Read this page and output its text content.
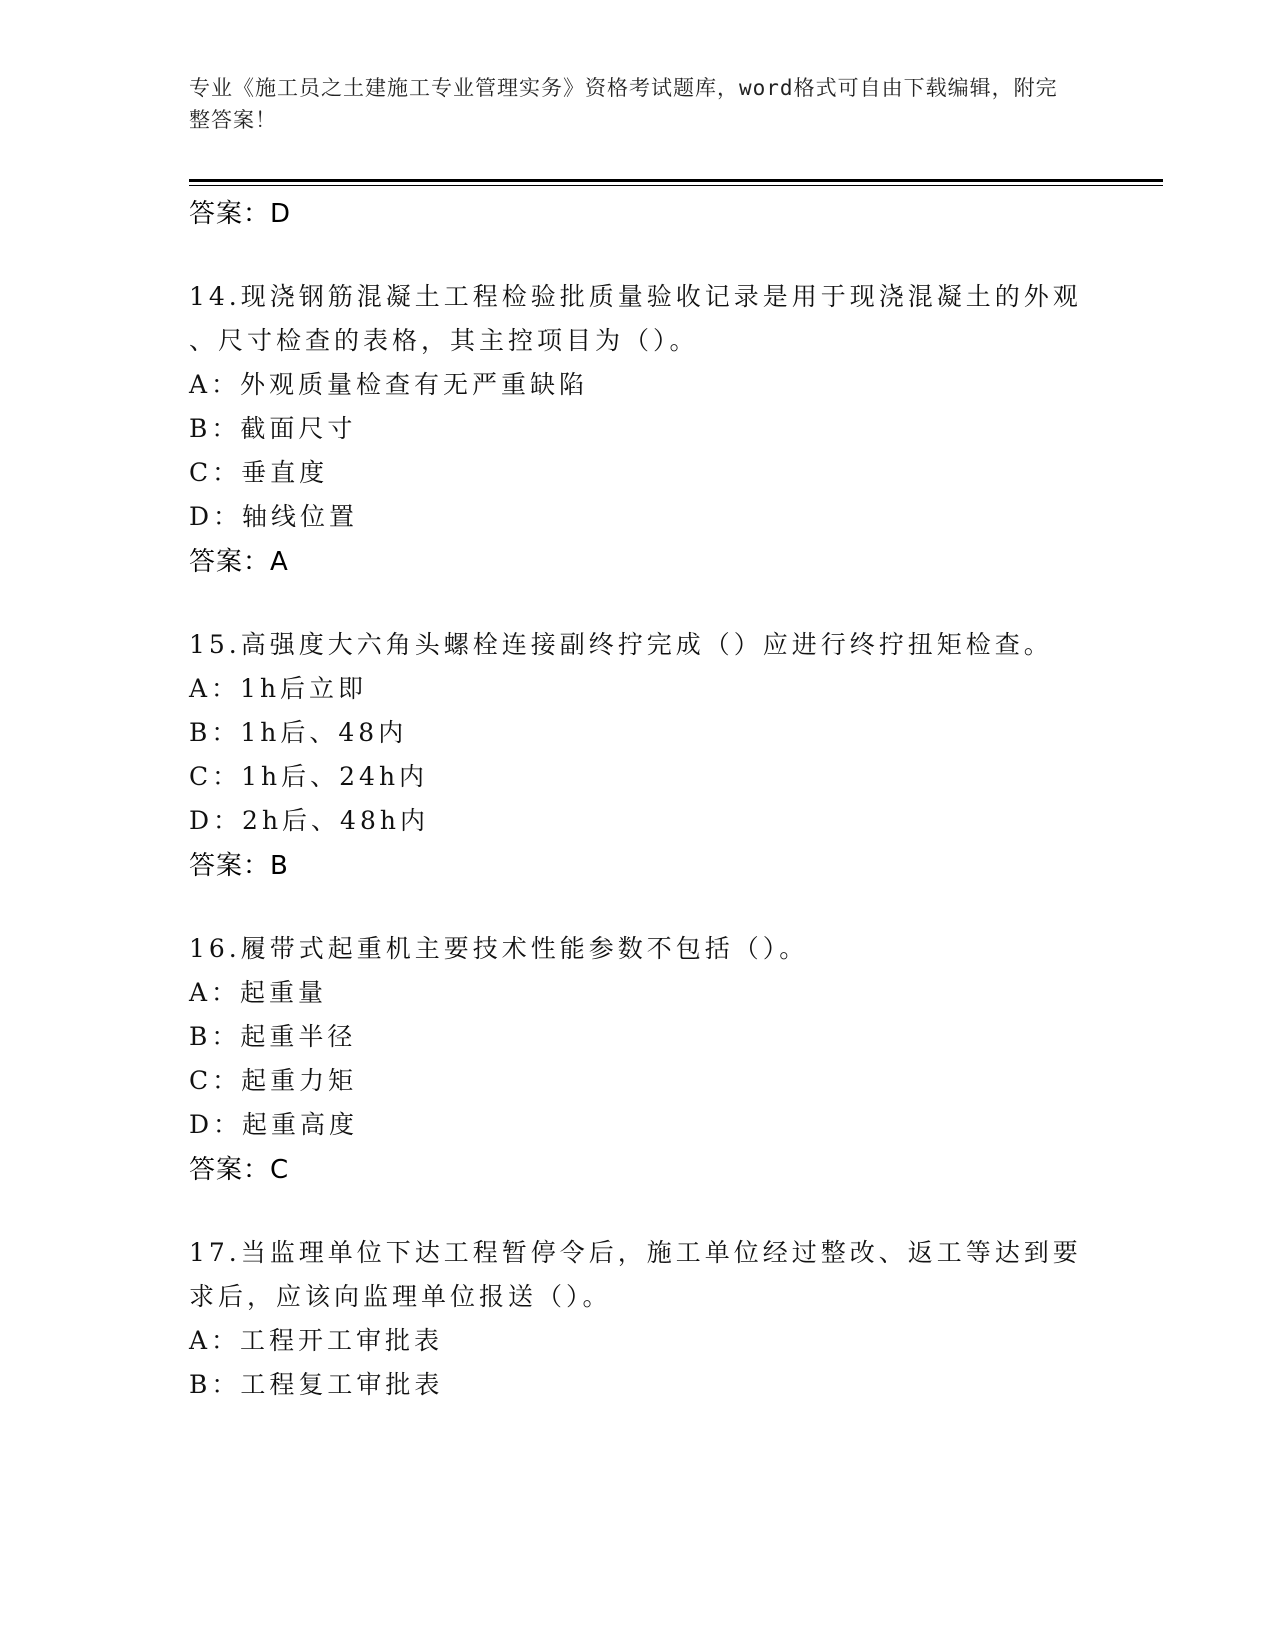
专业《施工员之土建施工专业管理实务》资格考试题库，word格式可自由下载编辑，附完整答案！
答案：D
14.现浇钢筋混凝土工程检验批质量验收记录是用于现浇混凝土的外观
、尺寸检查的表格，其主控项目为（）。
A：外观质量检查有无严重缺陷
B：截面尺寸
C：垂直度
D：轴线位置
答案：A
15.高强度大六角头螺栓连接副终拧完成（）应进行终拧扭矩检查。
A：1h后立即
B：1h后、48内
C：1h后、24h内
D：2h后、48h内
答案：B
16.履带式起重机主要技术性能参数不包括（）。
A：起重量
B：起重半径
C：起重力矩
D：起重高度
答案：C
17.当监理单位下达工程暂停令后，施工单位经过整改、返工等达到要
求后，应该向监理单位报送（）。
A：工程开工审批表
B：工程复工审批表
